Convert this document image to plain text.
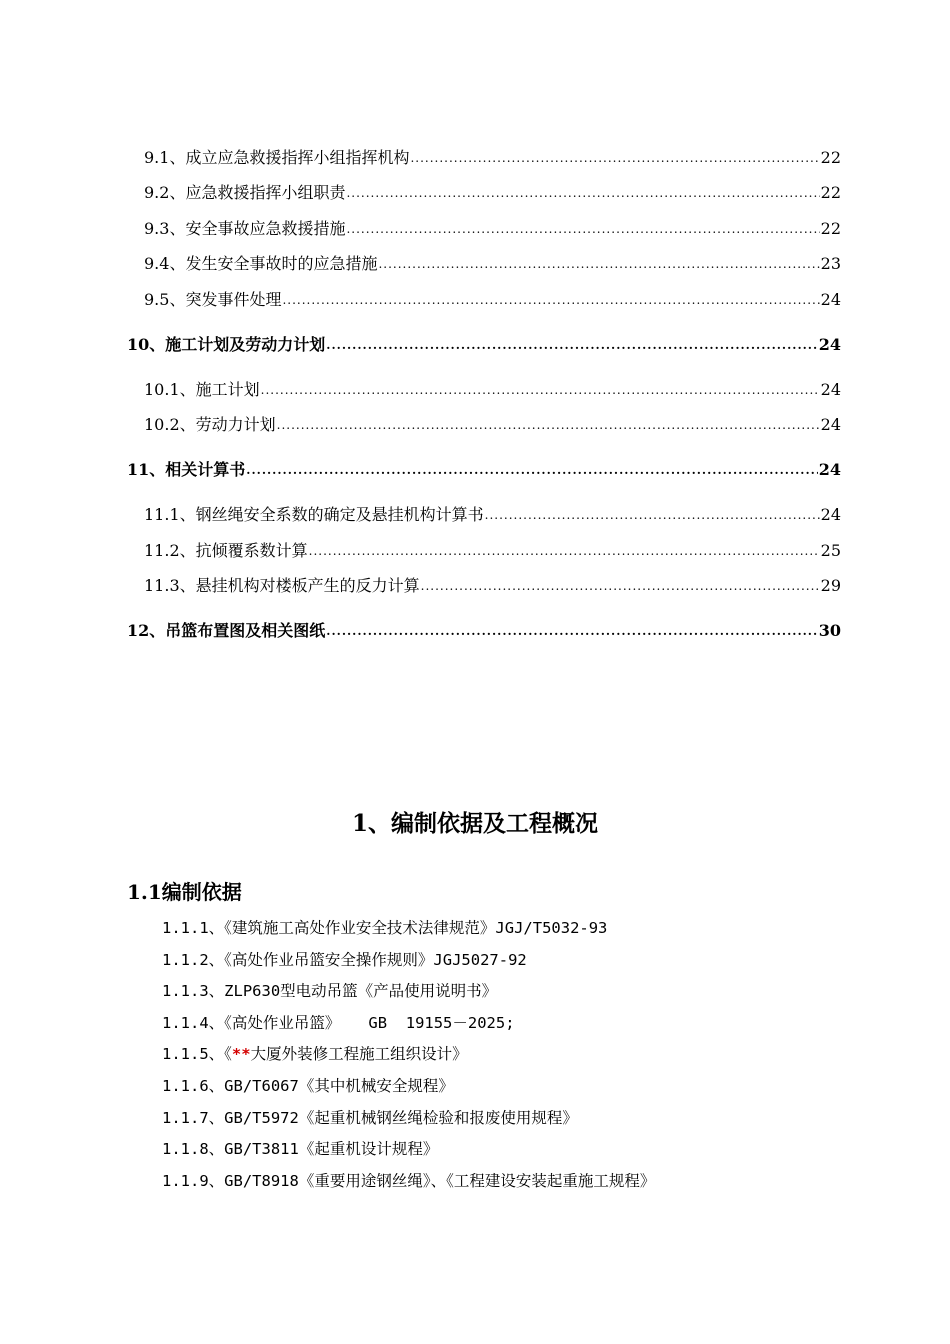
9.1、成立应急救援指挥小组指挥机构 .....	22
9.2、应急救援指挥小组职责 .....	22
9.3、安全事故应急救援措施 .....	22
9.4、发生安全事故时的应急措施 .....	23
9.5、突发事件处理 .....	24
10、施工计划及劳动力计划 .....	24
10.1、施工计划 .....	24
10.2、劳动力计划 .....	24
11、相关计算书 .....	24
11.1、钢丝绳安全系数的确定及悬挂机构计算书 .....	24
11.2、抗倾覆系数计算 .....	25
11.3、悬挂机构对楼板产生的反力计算 .....	29
12、吊篮布置图及相关图纸 .....	30
1、编制依据及工程概况
1.1编制依据
1.1.1、《建筑施工高处作业安全技术法律规范》JGJ/T5032-93
1.1.2、《高处作业吊篮安全操作规则》JGJ5027-92
1.1.3、ZLP630型电动吊篮《产品使用说明书》
1.1.4、《高处作业吊篮》   GB  19155－2025;
1.1.5、《**大厦外装修工程施工组织设计》
1.1.6、GB/T6067《其中机械安全规程》
1.1.7、GB/T5972《起重机械钢丝绳检验和报废使用规程》
1.1.8、GB/T3811《起重机设计规程》
1.1.9、GB/T8918《重要用途钢丝绳》、《工程建设安装起重施工规程》
